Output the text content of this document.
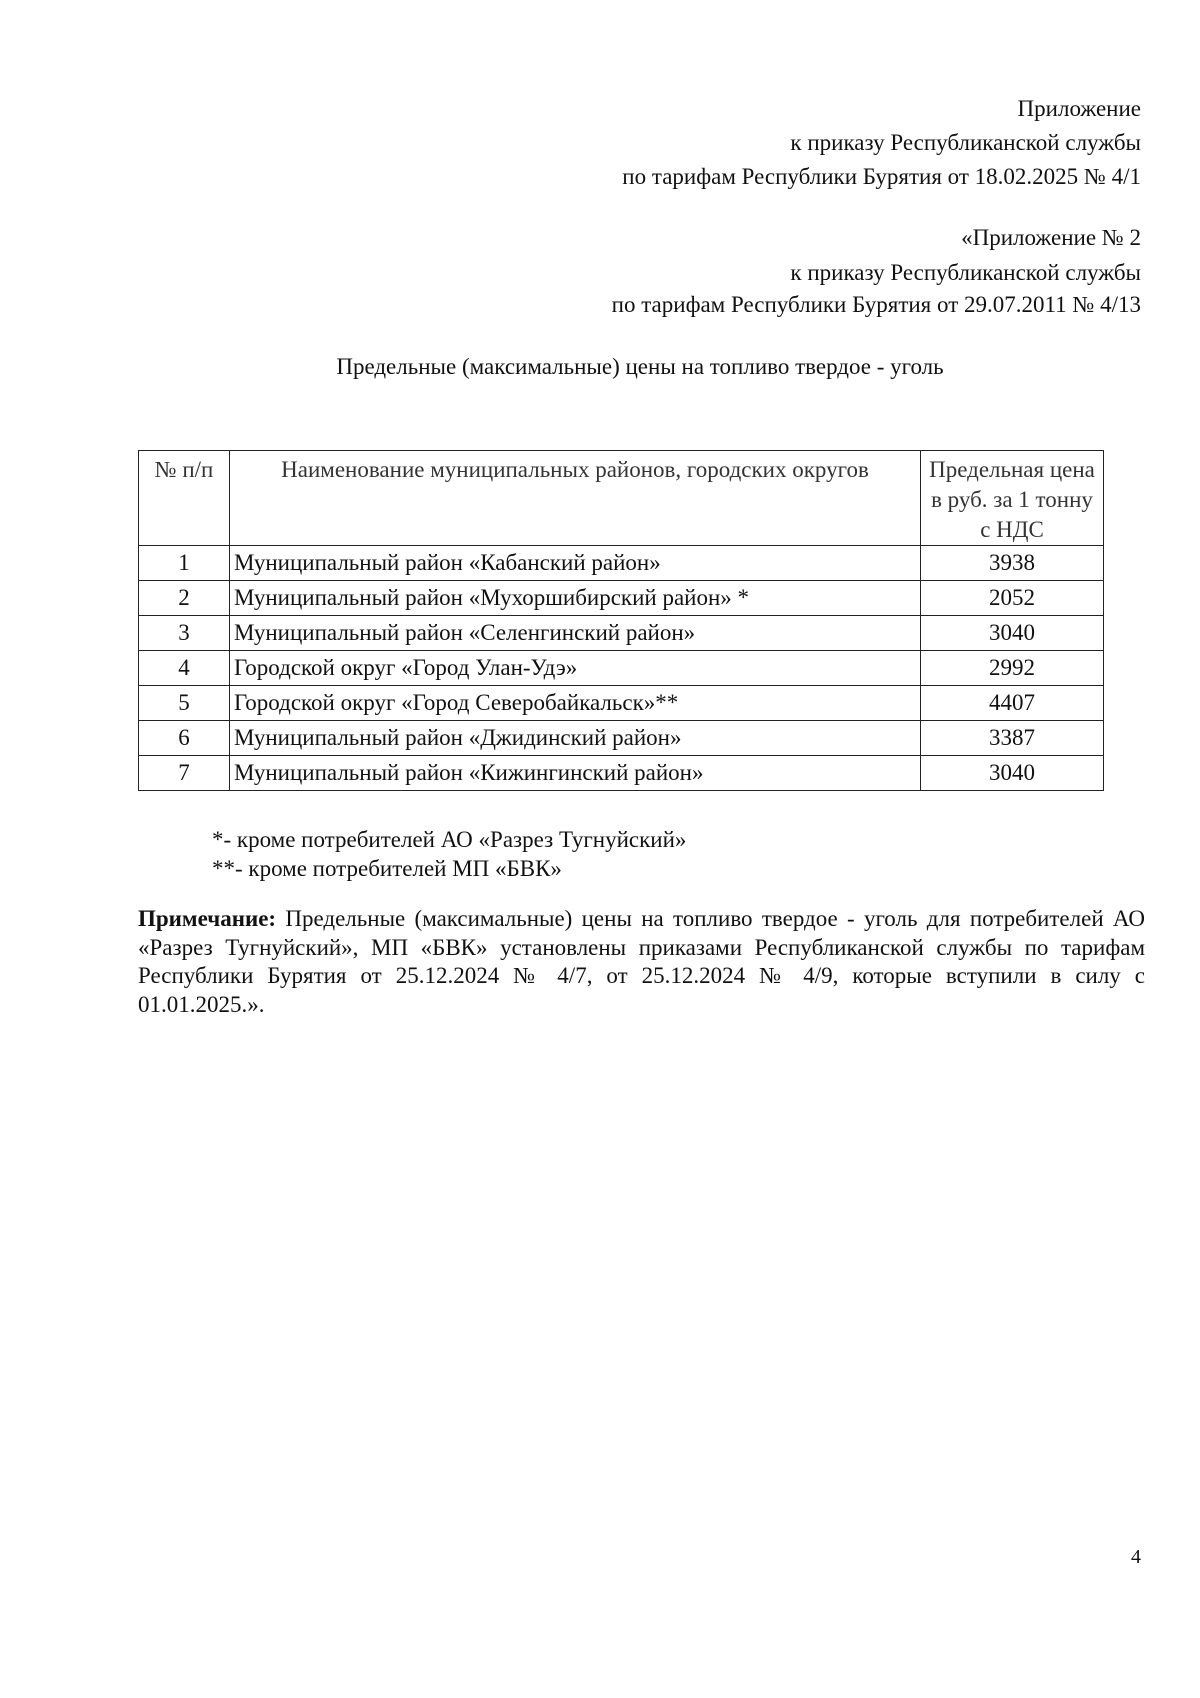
Приложение
к приказу Республиканской службы
по тарифам Республики Бурятия от 18.02.2025 № 4/1
«Приложение № 2
к приказу Республиканской службы
по тарифам Республики Бурятия от 29.07.2011 № 4/13
Предельные (максимальные) цены на топливо твердое - уголь
№ п/п	Наименование муниципальных районов, городских округов	Предельная цена в руб. за 1 тонну с НДС
1	Муниципальный район «Кабанский район»	3938
2	Муниципальный район «Мухоршибирский район» *	2052
3	Муниципальный район «Селенгинский район»	3040
4	Городской округ «Город Улан-Удэ»	2992
5	Городской округ «Город Северобайкальск»**	4407
6	Муниципальный район «Джидинский район»	3387
7	Муниципальный район «Кижингинский район»	3040
*- кроме потребителей АО «Разрез Тугнуйский»
**- кроме потребителей МП «БВК»
Примечание: Предельные (максимальные) цены на топливо твердое - уголь для потребителей АО «Разрез Тугнуйский», МП «БВК» установлены приказами Республиканской службы по тарифам Республики Бурятия от 25.12.2024 № 4/7, от 25.12.2024 № 4/9, которые вступили в силу с 01.01.2025.».
4
